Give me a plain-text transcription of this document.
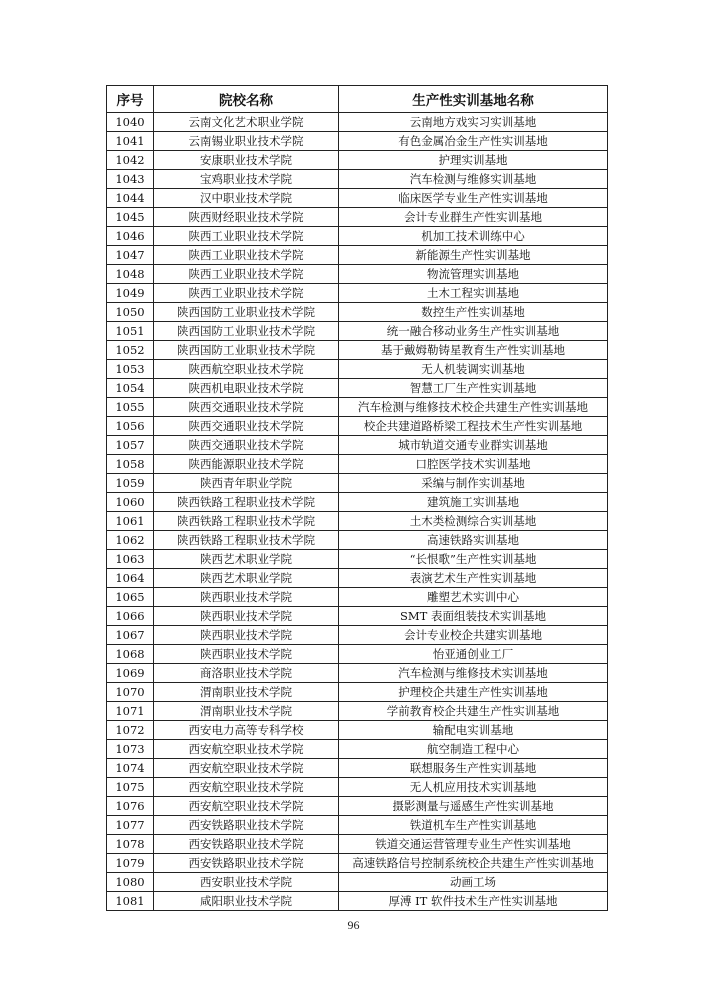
序号	院校名称	生产性实训基地名称
1040	云南文化艺术职业学院	云南地方戏实习实训基地
1041	云南锡业职业技术学院	有色金属冶金生产性实训基地
1042	安康职业技术学院	护理实训基地
1043	宝鸡职业技术学院	汽车检测与维修实训基地
1044	汉中职业技术学院	临床医学专业生产性实训基地
1045	陕西财经职业技术学院	会计专业群生产性实训基地
1046	陕西工业职业技术学院	机加工技术训练中心
1047	陕西工业职业技术学院	新能源生产性实训基地
1048	陕西工业职业技术学院	物流管理实训基地
1049	陕西工业职业技术学院	土木工程实训基地
1050	陕西国防工业职业技术学院	数控生产性实训基地
1051	陕西国防工业职业技术学院	统一融合移动业务生产性实训基地
1052	陕西国防工业职业技术学院	基于戴姆勒铸星教育生产性实训基地
1053	陕西航空职业技术学院	无人机装调实训基地
1054	陕西机电职业技术学院	智慧工厂生产性实训基地
1055	陕西交通职业技术学院	汽车检测与维修技术校企共建生产性实训基地
1056	陕西交通职业技术学院	校企共建道路桥梁工程技术生产性实训基地
1057	陕西交通职业技术学院	城市轨道交通专业群实训基地
1058	陕西能源职业技术学院	口腔医学技术实训基地
1059	陕西青年职业学院	采编与制作实训基地
1060	陕西铁路工程职业技术学院	建筑施工实训基地
1061	陕西铁路工程职业技术学院	土木类检测综合实训基地
1062	陕西铁路工程职业技术学院	高速铁路实训基地
1063	陕西艺术职业学院	“长恨歌”生产性实训基地
1064	陕西艺术职业学院	表演艺术生产性实训基地
1065	陕西职业技术学院	雕塑艺术实训中心
1066	陕西职业技术学院	SMT 表面组装技术实训基地
1067	陕西职业技术学院	会计专业校企共建实训基地
1068	陕西职业技术学院	怡亚通创业工厂
1069	商洛职业技术学院	汽车检测与维修技术实训基地
1070	渭南职业技术学院	护理校企共建生产性实训基地
1071	渭南职业技术学院	学前教育校企共建生产性实训基地
1072	西安电力高等专科学校	输配电实训基地
1073	西安航空职业技术学院	航空制造工程中心
1074	西安航空职业技术学院	联想服务生产性实训基地
1075	西安航空职业技术学院	无人机应用技术实训基地
1076	西安航空职业技术学院	摄影测量与遥感生产性实训基地
1077	西安铁路职业技术学院	铁道机车生产性实训基地
1078	西安铁路职业技术学院	铁道交通运营管理专业生产性实训基地
1079	西安铁路职业技术学院	高速铁路信号控制系统校企共建生产性实训基地
1080	西安职业技术学院	动画工场
1081	咸阳职业技术学院	厚溥 IT 软件技术生产性实训基地
96
